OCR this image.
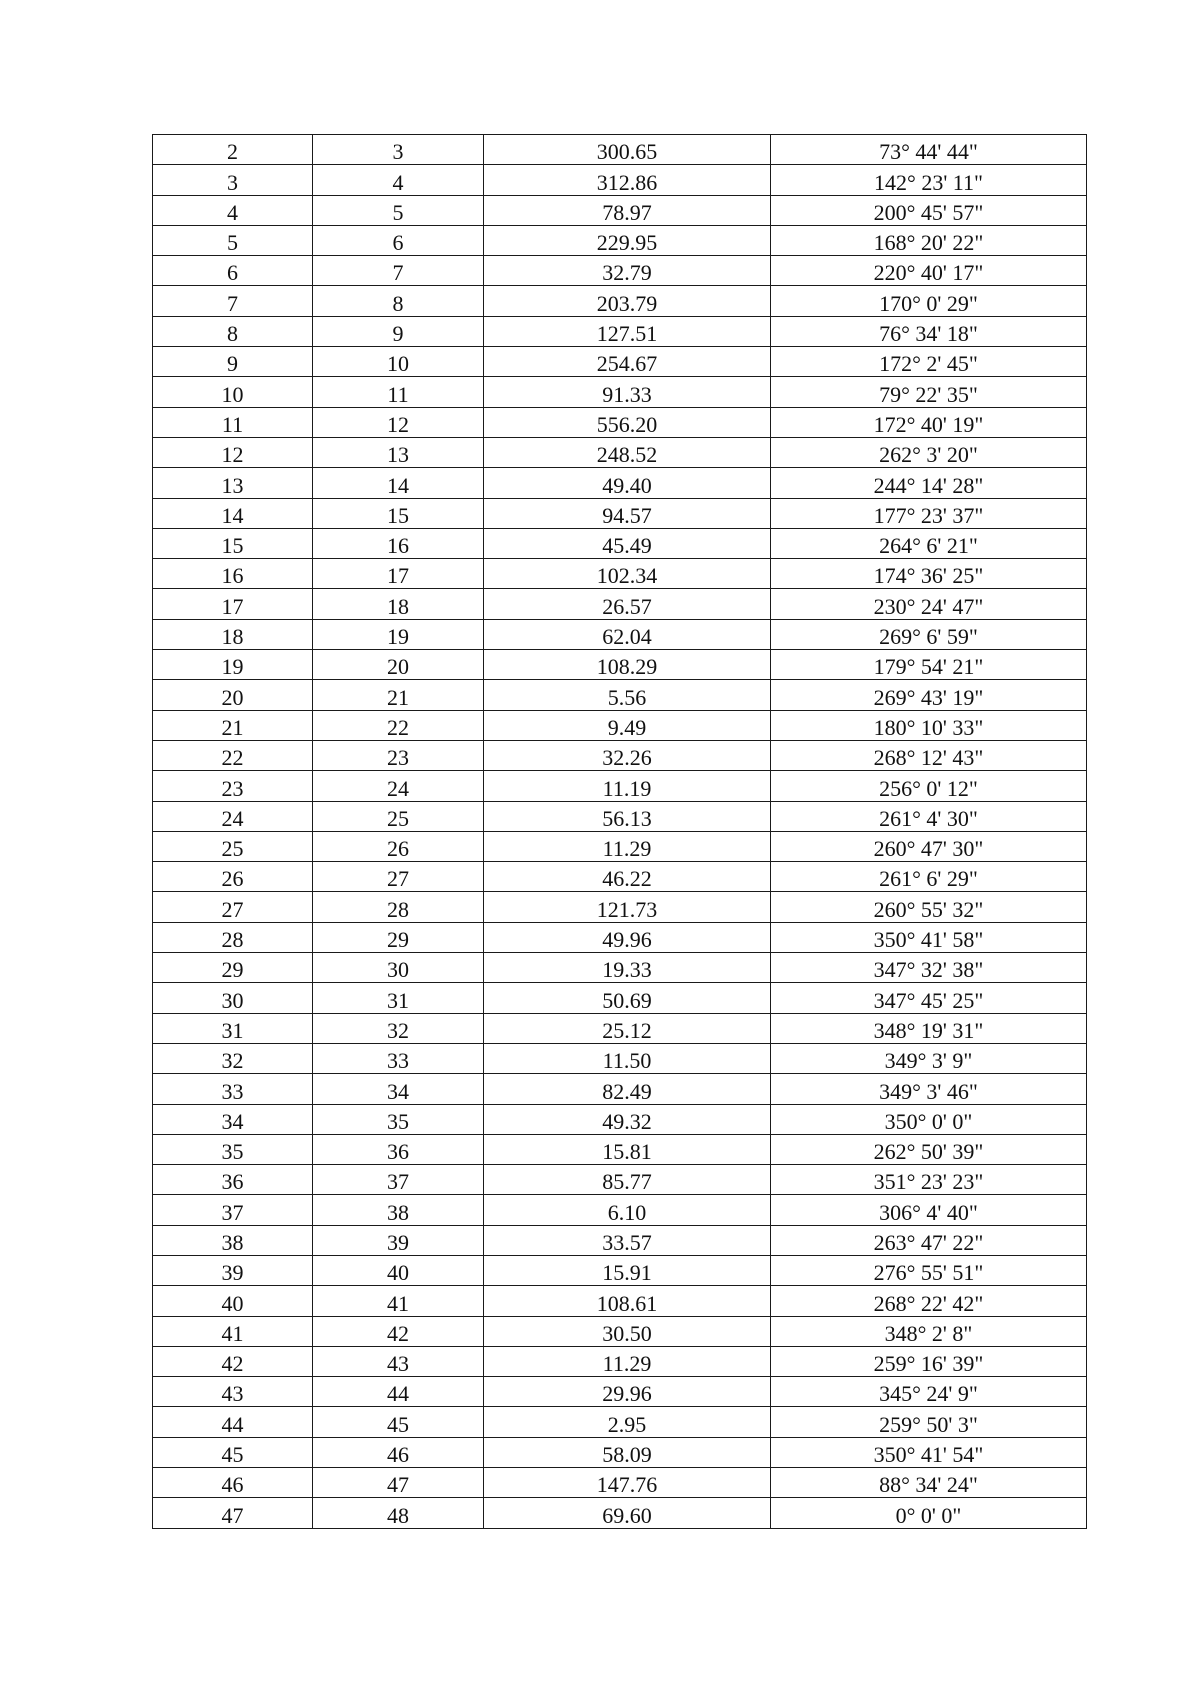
2	3	300.65	73° 44' 44"
3	4	312.86	142° 23' 11"
4	5	78.97	200° 45' 57"
5	6	229.95	168° 20' 22"
6	7	32.79	220° 40' 17"
7	8	203.79	170° 0' 29"
8	9	127.51	76° 34' 18"
9	10	254.67	172° 2' 45"
10	11	91.33	79° 22' 35"
11	12	556.20	172° 40' 19"
12	13	248.52	262° 3' 20"
13	14	49.40	244° 14' 28"
14	15	94.57	177° 23' 37"
15	16	45.49	264° 6' 21"
16	17	102.34	174° 36' 25"
17	18	26.57	230° 24' 47"
18	19	62.04	269° 6' 59"
19	20	108.29	179° 54' 21"
20	21	5.56	269° 43' 19"
21	22	9.49	180° 10' 33"
22	23	32.26	268° 12' 43"
23	24	11.19	256° 0' 12"
24	25	56.13	261° 4' 30"
25	26	11.29	260° 47' 30"
26	27	46.22	261° 6' 29"
27	28	121.73	260° 55' 32"
28	29	49.96	350° 41' 58"
29	30	19.33	347° 32' 38"
30	31	50.69	347° 45' 25"
31	32	25.12	348° 19' 31"
32	33	11.50	349° 3' 9"
33	34	82.49	349° 3' 46"
34	35	49.32	350° 0' 0"
35	36	15.81	262° 50' 39"
36	37	85.77	351° 23' 23"
37	38	6.10	306° 4' 40"
38	39	33.57	263° 47' 22"
39	40	15.91	276° 55' 51"
40	41	108.61	268° 22' 42"
41	42	30.50	348° 2' 8"
42	43	11.29	259° 16' 39"
43	44	29.96	345° 24' 9"
44	45	2.95	259° 50' 3"
45	46	58.09	350° 41' 54"
46	47	147.76	88° 34' 24"
47	48	69.60	0° 0' 0"
